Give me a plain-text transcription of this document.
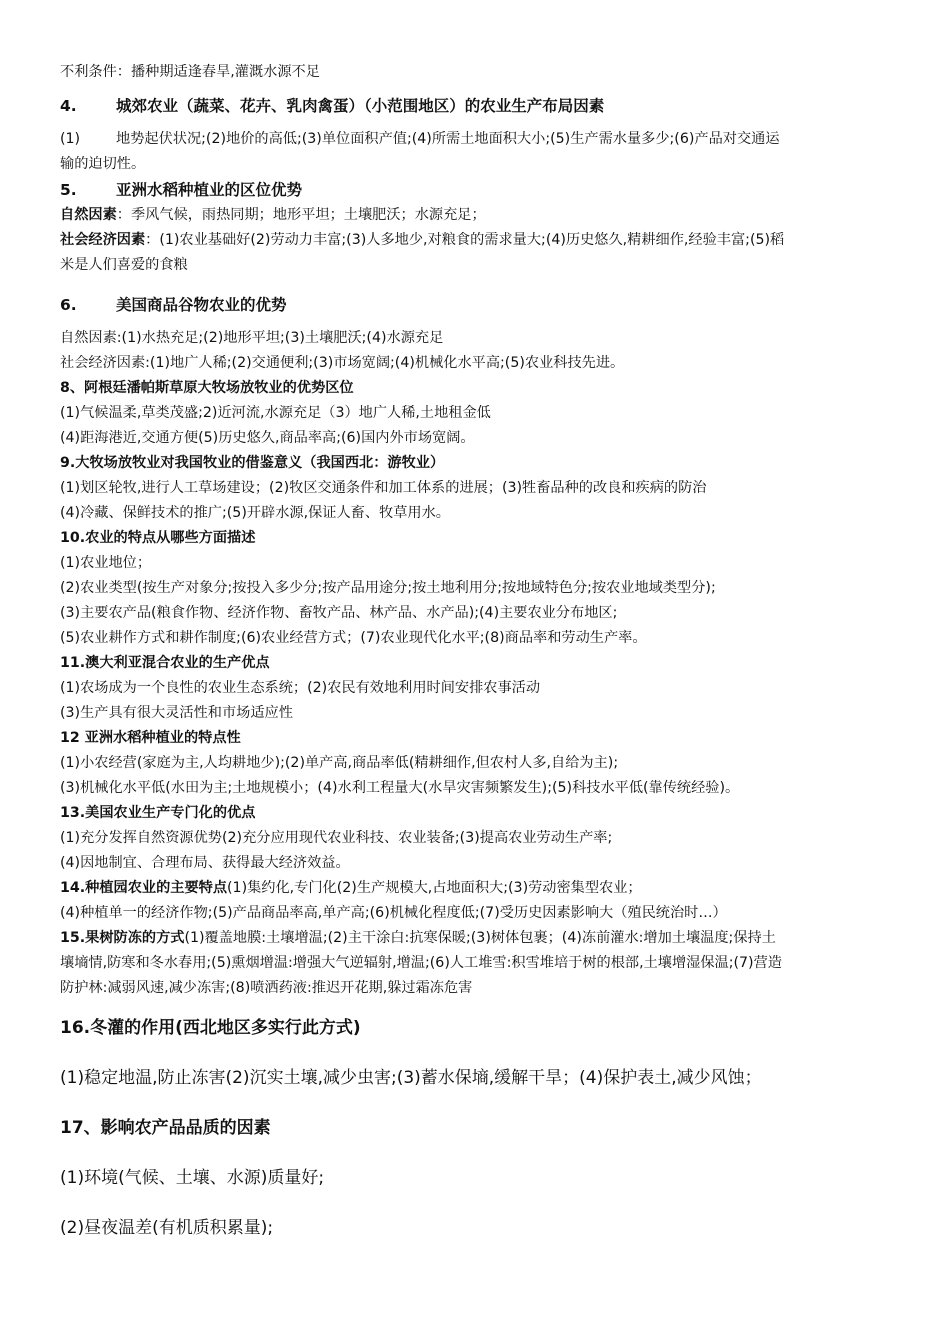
不利条件：播种期适逢春旱,灌溉水源不足

4.	城郊农业（蔬菜、花卉、乳肉禽蛋）（小范围地区）的农业生产布局因素

(1)	地势起伏状况;(2)地价的高低;(3)单位面积产值;(4)所需土地面积大小;(5)生产需水量多少;(6)产品对交通运

输的迫切性。

5.	亚洲水稻种植业的区位优势

自然因素：季风气候，雨热同期；地形平坦；土壤肥沃；水源充足；

社会经济因素：(1)农业基础好(2)劳动力丰富;(3)人多地少,对粮食的需求量大;(4)历史悠久,精耕细作,经验丰富;(5)稻

米是人们喜爱的食粮

6.	美国商品谷物农业的优势

自然因素:(1)水热充足;(2)地形平坦;(3)土壤肥沃;(4)水源充足

社会经济因素:(1)地广人稀;(2)交通便利;(3)市场宽阔;(4)机械化水平高;(5)农业科技先进。

8、阿根廷潘帕斯草原大牧场放牧业的优势区位

(1)气候温柔,草类茂盛;2)近河流,水源充足（3）地广人稀,土地租金低

(4)距海港近,交通方便(5)历史悠久,商品率高;(6)国内外市场宽阔。

9.大牧场放牧业对我国牧业的借鉴意义（我国西北：游牧业）

(1)划区轮牧,进行人工草场建设；(2)牧区交通条件和加工体系的进展；(3)牲畜品种的改良和疾病的防治

(4)冷藏、保鲜技术的推广;(5)开辟水源,保证人畜、牧草用水。

10.农业的特点从哪些方面描述

(1)农业地位；

(2)农业类型(按生产对象分;按投入多少分;按产品用途分;按土地利用分;按地域特色分;按农业地域类型分);

(3)主要农产品(粮食作物、经济作物、畜牧产品、林产品、水产品);(4)主要农业分布地区;

(5)农业耕作方式和耕作制度;(6)农业经营方式；(7)农业现代化水平;(8)商品率和劳动生产率。

11.澳大利亚混合农业的生产优点

(1)农场成为一个良性的农业生态系统；(2)农民有效地利用时间安排农事活动

(3)生产具有很大灵活性和市场适应性

12 亚洲水稻种植业的特点性

(1)小农经营(家庭为主,人均耕地少);(2)单产高,商品率低(精耕细作,但农村人多,自给为主);

(3)机械化水平低(水田为主;土地规模小；(4)水利工程量大(水旱灾害频繁发生);(5)科技水平低(靠传统经验)。

13.美国农业生产专门化的优点

(1)充分发挥自然资源优势(2)充分应用现代农业科技、农业装备;(3)提高农业劳动生产率;

(4)因地制宜、合理布局、获得最大经济效益。

14.种植园农业的主要特点(1)集约化,专门化(2)生产规模大,占地面积大;(3)劳动密集型农业；

(4)种植单一的经济作物;(5)产品商品率高,单产高;(6)机械化程度低;(7)受历史因素影响大（殖民统治时…）

15.果树防冻的方式(1)覆盖地膜:土壤增温;(2)主干涂白:抗寒保暖;(3)树体包裹；(4)冻前灌水:增加土壤温度;保持土

壤墒情,防寒和冬水春用;(5)熏烟增温:增强大气逆辐射,增温;(6)人工堆雪:积雪堆培于树的根部,土壤增湿保温;(7)营造

防护林:减弱风速,减少冻害;(8)喷洒药液:推迟开花期,躲过霜冻危害

16.冬灌的作用(西北地区多实行此方式)

(1)稳定地温,防止冻害(2)沉实土壤,减少虫害;(3)蓄水保墒,缓解干旱；(4)保护表土,减少风蚀；

17、影响农产品品质的因素

(1)环境(气候、土壤、水源)质量好;

(2)昼夜温差(有机质积累量);
